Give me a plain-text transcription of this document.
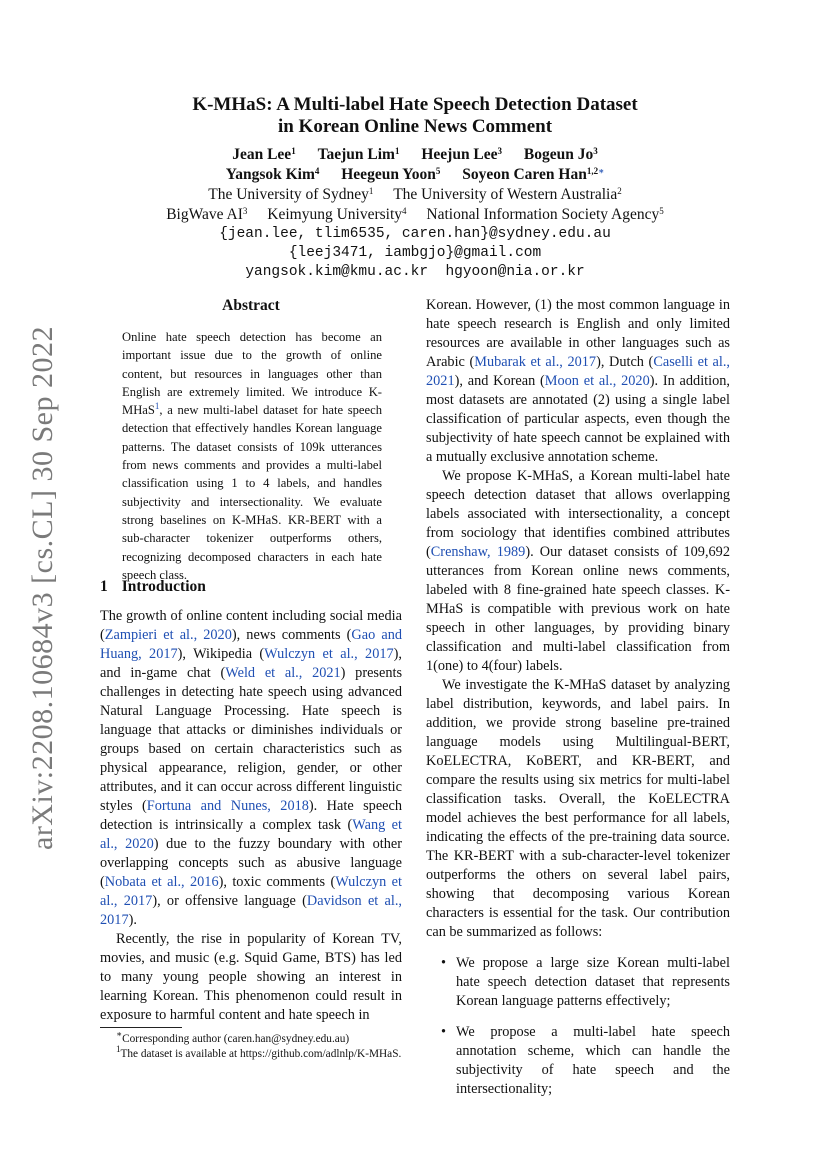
arXiv:2208.10684v3 [cs.CL] 30 Sep 2022
K-MHaS: A Multi-label Hate Speech Detection Dataset
in Korean Online News Comment
Jean Lee$^1$ Taejun Lim$^1$ Heejun Lee$^3$ Bogeun Jo$^3$
Yangsok Kim$^4$ Heegeun Yoon$^5$ Soyeon Caren Han$^{1,2∗}$
The University of Sydney$^1$ The University of Western Australia$^2$
BigWave $AI^3$ Keimyung University$^4$ National Information Society Agency$^5$
{jean.lee, tlim6535, caren.han}@sydney.edu.au
{leej3471, iambgjo}@gmail.com
yangsok.kim@kmu.ac.kr  hgyoon@nia.or.kr
Abstract
Online hate speech detection has become an important issue due to the growth of online content, but resources in languages other than English are extremely limited. We introduce K-MHaS$^1$, a new multi-label dataset for hate speech detection that effectively handles Korean language patterns. The dataset consists of 109k utterances from news comments and provides a multi-label classification using 1 to 4 labels, and handles subjectivity and intersectionality. We evaluate strong baselines on K-MHaS. KR-BERT with a sub-character tokenizer outperforms others, recognizing decomposed characters in each hate speech class.
1 Introduction

The growth of online content including social media (Zampieri et al., 2020), news comments (Gao and Huang, 2017), Wikipedia (Wulczyn et al., 2017), and in-game chat (Weld et al., 2021) presents challenges in detecting hate speech using advanced Natural Language Processing. Hate speech is language that attacks or diminishes individuals or groups based on certain characteristics such as physical appearance, religion, gender, or other attributes, and it can occur across different linguistic styles (Fortuna and Nunes, 2018). Hate speech detection is intrinsically a complex task (Wang et al., 2020) due to the fuzzy boundary with other overlapping concepts such as abusive language (Nobata et al., 2016), toxic comments (Wulczyn et al., 2017), or offensive language (Davidson et al., 2017).

Recently, the rise in popularity of Korean TV, movies, and music (e.g. Squid Game, BTS) has led to many young people showing an interest in learning Korean. This phenomenon could result in exposure to harmful content and hate speech in

∗Corresponding author (caren.han@sydney.edu.au)
$^1$The dataset is available at https://github.com/adlnlp/K-MHaS.

Korean. However, (1) the most common language in hate speech research is English and only limited resources are available in other languages such as Arabic (Mubarak et al., 2017), Dutch (Caselli et al., 2021), and Korean (Moon et al., 2020). In addition, most datasets are annotated (2) using a single label classification of particular aspects, even though the subjectivity of hate speech cannot be explained with a mutually exclusive annotation scheme.

We propose K-MHaS, a Korean multi-label hate speech detection dataset that allows overlapping labels associated with intersectionality, a concept from sociology that identifies combined attributes (Crenshaw, 1989). Our dataset consists of 109,692 utterances from Korean online news comments, labeled with 8 fine-grained hate speech classes. K-MHaS is compatible with previous work on hate speech in other languages, by providing binary classification and multi-label classification from 1(one) to 4(four) labels.

We investigate the K-MHaS dataset by analyzing label distribution, keywords, and label pairs. In addition, we provide strong baseline pre-trained language models using Multilingual-BERT, KoELECTRA, KoBERT, and KR-BERT, and compare the results using six metrics for multi-label classification tasks. Overall, the KoELECTRA model achieves the best performance for all labels, indicating the effects of the pre-training data source. The KR-BERT with a sub-character-level tokenizer outperforms the others on several label pairs, showing that decomposing various Korean characters is essential for the task. Our contribution can be summarized as follows:

• We propose a large size Korean multi-label hate speech detection dataset that represents Korean language patterns effectively;
• We propose a multi-label hate speech annotation scheme, which can handle the subjectivity of hate speech and the intersectionality;
